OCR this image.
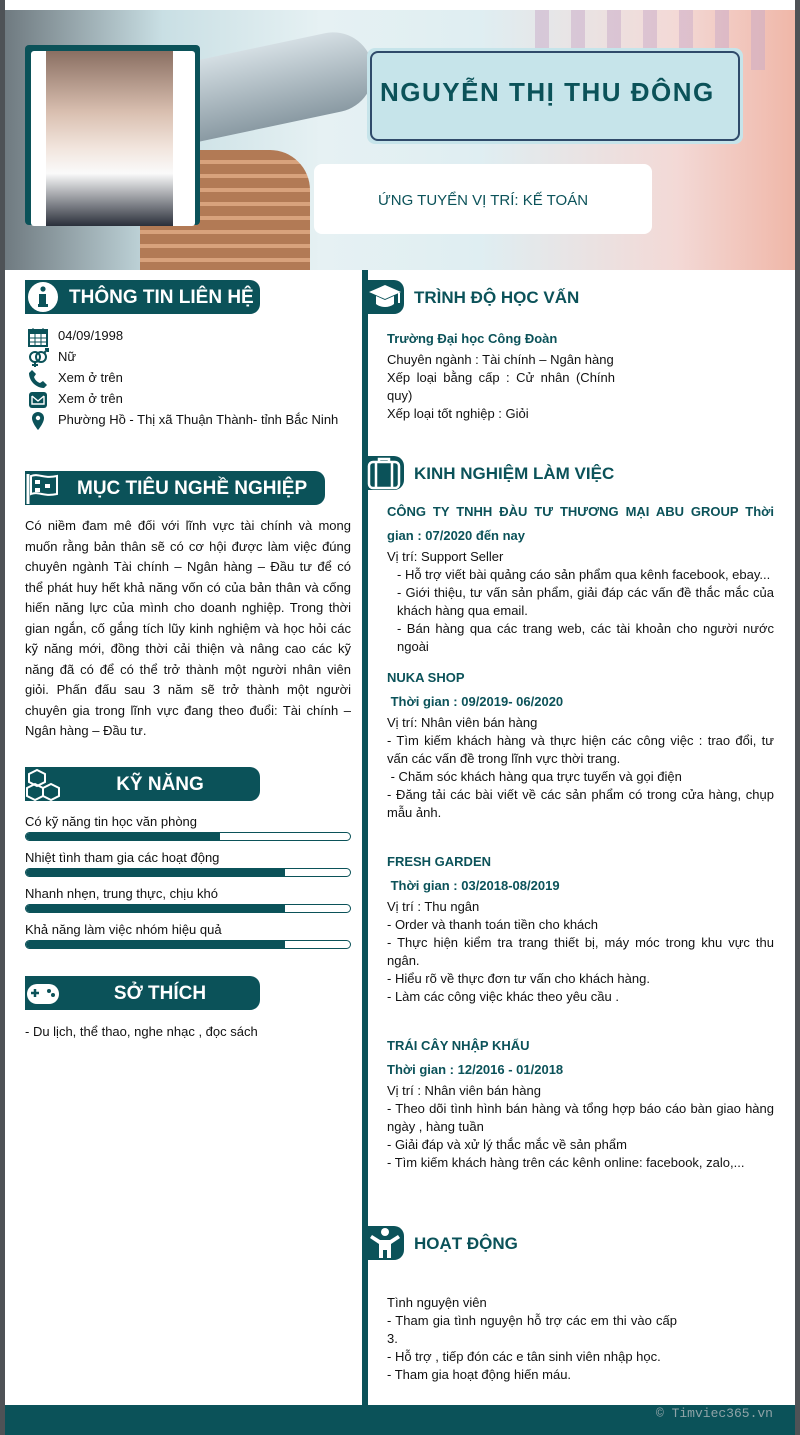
NGUYỄN THỊ THU ĐÔNG
ỨNG TUYỂN VỊ TRÍ: KẾ TOÁN
THÔNG TIN LIÊN HỆ
04/09/1998
Nữ
Xem ở trên
Xem ở trên
Phường Hồ - Thị xã Thuận Thành- tỉnh Bắc Ninh
MỤC TIÊU NGHỀ NGHIỆP
Có niềm đam mê đối với lĩnh vực tài chính và mong muốn rằng bản thân sẽ có cơ hội được làm việc đúng chuyên ngành Tài chính – Ngân hàng – Đầu tư để có thể phát huy hết khả năng vốn có của bản thân và cống hiến năng lực của mình cho doanh nghiệp. Trong thời gian ngắn, cố gắng tích lũy kinh nghiệm và học hỏi các kỹ năng mới, đồng thời cải thiện và nâng cao các kỹ năng đã có để có thể trở thành một người nhân viên giỏi. Phấn đấu sau 3 năm sẽ trở thành một người chuyên gia trong lĩnh vực đang theo đuổi: Tài chính – Ngân hàng – Đầu tư.
KỸ NĂNG
Có kỹ năng tin học văn phòng
Nhiệt tình tham gia các hoạt động
Nhanh nhẹn, trung thực, chịu khó
Khả năng làm việc nhóm hiệu quả
SỞ THÍCH
- Du lịch, thể thao, nghe nhạc , đọc sách
TRÌNH ĐỘ HỌC VẤN
Trường Đại học Công Đoàn
Chuyên ngành : Tài chính – Ngân hàng
Xếp loại bằng cấp : Cử nhân (Chính quy)
Xếp loại tốt nghiệp : Giỏi
KINH NGHIỆM LÀM VIỆC
CÔNG TY TNHH ĐÀU TƯ THƯƠNG MẠI ABU GROUP Thời gian : 07/2020 đến nay
Vị trí: Support Seller
- Hỗ trợ viết bài quảng cáo sản phẩm qua kênh facebook, ebay...
- Giới thiệu, tư vấn sản phẩm, giải đáp các vấn đề thắc mắc của khách hàng qua email.
- Bán hàng qua các trang web, các tài khoản cho người nước ngoài
NUKA SHOP
Thời gian : 09/2019- 06/2020
Vị trí: Nhân viên bán hàng
- Tìm kiếm khách hàng và thực hiện các công việc : trao đổi, tư vấn các vấn đề trong lĩnh vực thời trang.
- Chăm sóc khách hàng qua trực tuyến và gọi điện
- Đăng tải các bài viết về các sản phẩm có trong cửa hàng, chụp mẫu ảnh.
FRESH GARDEN
Thời gian : 03/2018-08/2019
Vị trí : Thu ngân
- Order và thanh toán tiền cho khách
- Thực hiện kiểm tra trang thiết bị, máy móc trong khu vực thu ngân.
- Hiểu rõ về thực đơn tư vấn cho khách hàng.
- Làm các công việc khác theo yêu cầu .
TRÁI CÂY NHẬP KHẨU
Thời gian : 12/2016 - 01/2018
Vị trí : Nhân viên bán hàng
- Theo dõi tình hình bán hàng và tổng hợp báo cáo bàn giao hàng ngày , hàng tuần
- Giải đáp và xử lý thắc mắc về sản phẩm
- Tìm kiếm khách hàng trên các kênh online: facebook, zalo,...
HOẠT ĐỘNG
Tình nguyện viên
- Tham gia tình nguyện hỗ trợ các em thi vào cấp 3.
- Hỗ trợ , tiếp đón các e tân sinh viên nhập học.
- Tham gia hoạt động hiến máu.
© Timviec365.vn
